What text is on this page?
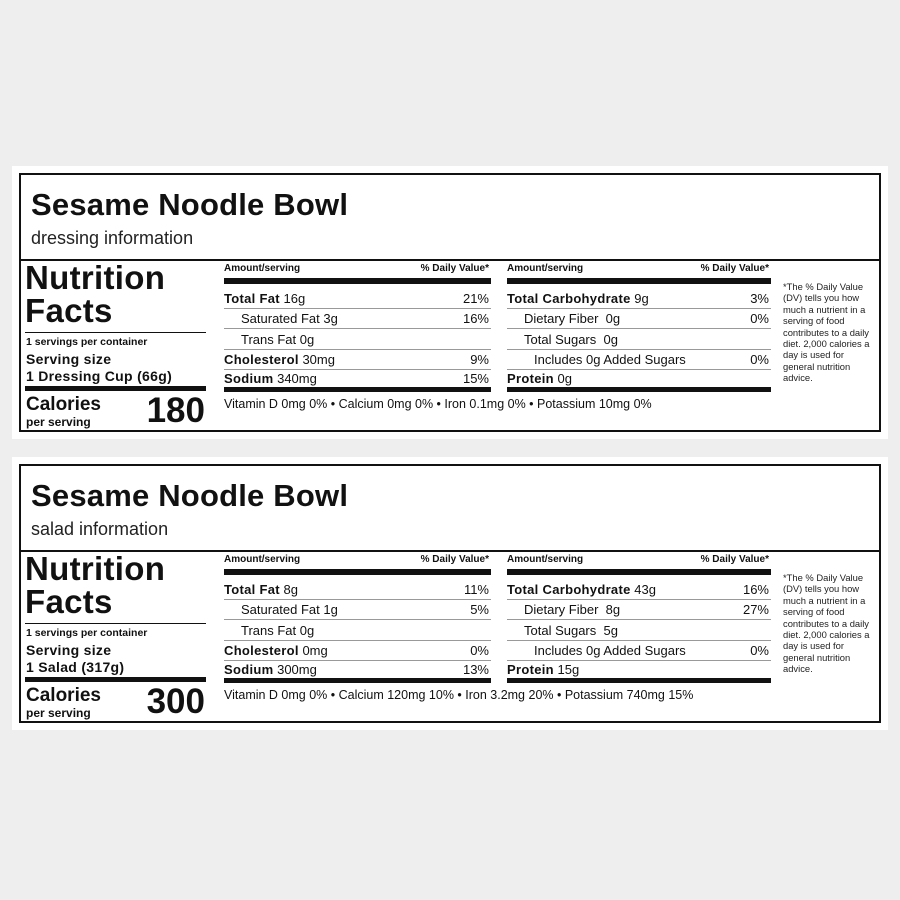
Sesame Noodle Bowl
dressing information
Nutrition
Facts
1 servings per container
Serving size
1 Dressing Cup (66g)
Calories
per serving 180
Amount/serving	% Daily Value*
Total Fat 16g	21%
Saturated Fat 3g	16%
Trans Fat 0g
Cholesterol 30mg	9%
Sodium 340mg	15%
Amount/serving	% Daily Value*
Total Carbohydrate 9g	3%
Dietary Fiber 0g	0%
Total Sugars 0g
Includes 0g Added Sugars	0%
Protein 0g
Vitamin D 0mg 0% • Calcium 0mg 0% • Iron 0.1mg 0% • Potassium 10mg 0%
*The % Daily Value (DV) tells you how much a nutrient in a serving of food contributes to a daily diet. 2,000 calories a day is used for general nutrition advice.
Sesame Noodle Bowl
salad information
Nutrition
Facts
1 servings per container
Serving size
1 Salad (317g)
Calories
per serving 300
Amount/serving	% Daily Value*
Total Fat 8g	11%
Saturated Fat 1g	5%
Trans Fat 0g
Cholesterol 0mg	0%
Sodium 300mg	13%
Amount/serving	% Daily Value*
Total Carbohydrate 43g	16%
Dietary Fiber 8g	27%
Total Sugars 5g
Includes 0g Added Sugars	0%
Protein 15g
Vitamin D 0mg 0% • Calcium 120mg 10% • Iron 3.2mg 20% • Potassium 740mg 15%
*The % Daily Value (DV) tells you how much a nutrient in a serving of food contributes to a daily diet. 2,000 calories a day is used for general nutrition advice.
